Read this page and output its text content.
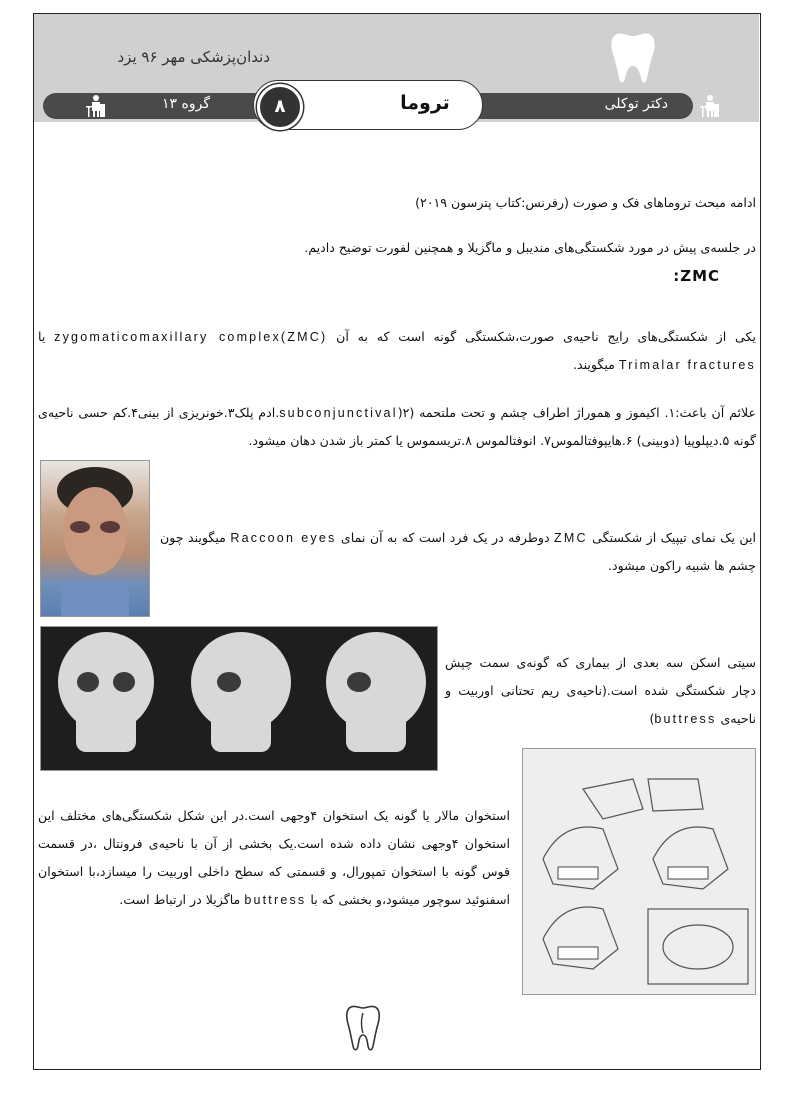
دندان‌پزشکی مهر ۹۶ یزد
گروه ۱۳	دکتر توکلی
۸	تروما

ادامه مبحث تروماهای فک و صورت (رفرنس:کتاب پترسون ۲۰۱۹)

در جلسه‌ی پیش در مورد شکستگی‌های مندیبل و ماگزیلا و همچنین لفورت توضیح دادیم.

ZMC:

یکی از شکستگی‌های رایج ناحیه‌ی صورت،شکستگی گونه است که به آن zygomaticomaxillary complex(ZMC) یا Trimalar fractures میگویند.

علائم آن باعث:۱. اکیموز و هموراژ اطراف چشم و تحت ملتحمه (subconjunctival)۲.ادم پلک۳.خونریزی از بینی۴.کم حسی ناحیه‌ی گونه ۵.دیپلوپیا (دوبینی) ۶.هایپوفتالموس۷. انوفتالموس ۸.تریسموس یا کمتر باز شدن دهان میشود.

این یک نمای تیپیک از شکستگی ZMC دوطرفه در یک فرد است که به آن نمای Raccoon eyes میگویند چون چشم ها شبیه راکون میشود.

سیتی اسکن سه بعدی از بیماری که گونه‌ی سمت چپش دچار شکستگی شده است.(ناحیه‌ی ریم تحتانی اوربیت و ناحیه‌ی buttress)

استخوان مالار یا گونه یک استخوان ۴وجهی است.در این شکل شکستگی‌های مختلف این استخوان ۴وجهی نشان داده شده است.یک بخشی از آن با ناحیه‌ی فرونتال ،در قسمت قوس گونه با استخوان تمپورال، و قسمتی که سطح داخلی اوربیت را میسازد،با استخوان اسفنوئید سوچور میشود،و بخشی که با buttress ماگزیلا در ارتباط است.
